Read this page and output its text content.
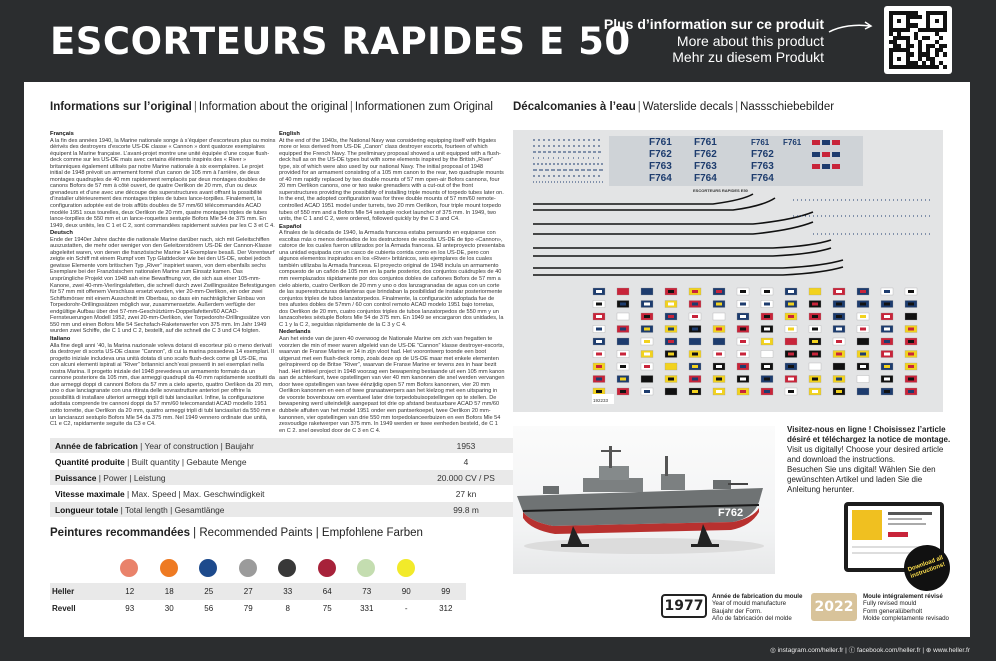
ESCORTEURS RAPIDES E 50
Plus d’information sur ce produit
More about this product
Mehr zu diesem Produkt
Informations sur l’original | Information about the original | Informationen zum Original
Français

A la fin des années 1940, la Marine nationale songe à s’équiper d’escorteurs plus ou moins dérivés des destroyers d’escorte US-DE classe « Cannon » dont quatorze exemplaires équipent la Marine française. L’avant-projet montre une unité équipée d’une coque flush-deck comme sur les US-DE mais avec certains éléments inspirés des « River » britanniques également utilisés par notre Marine nationale à six exemplaires. Le projet initial de 1948 prévoit un armement formé d’un canon de 105 mm à l’arrière, de deux montages quadruples de 40 mm rapidement remplacés par deux montages doubles de canons Bofors de 57 mm à côté ouvert, de quatre Oerlikon de 20 mm, d’un ou deux grenadeurs et d’une avec une découpe des superstructures avant offrant la possibilité d’installer ultérieurement des montages triples de tubes lance-torpilles. Finalement, la configuration adoptée est de trois affûts doubles de 57 mm/60 télécommandés ACAD modèle 1951 sous tourelles, deux Oerlikon de 20 mm, quatre montages triples de tubes lance-torpilles de 550 mm et un lance-roquettes sextuple Bofors Mle 54 de 375 mm. En 1949, deux unités, les C 1 et C 2, sont commandées rapidement suivies par les C 3 et C 4.

Deutsch

Ende der 1940er Jahre dachte die nationale Marine darüber nach, sich mit Geleitschiffen auszustatten, die mehr oder weniger von den Geleitzerstörern US-DE der Cannon-Klasse abgeleitet waren, von denen die französische Marine 14 Exemplare besaß. Der Vorentwurf zeigte ein Schiff mit einem Rumpf vom Typ Glattdecker wie bei den US-DE, wobei jedoch gewisse Elemente vom britischen Typ „River“ inspiriert waren, von dem ebenfalls sechs Exemplare bei der Französischen nationalen Marine zum Einsatz kamen. Das ursprüngliche Projekt von 1948 sah eine Bewaffnung vor, die sich aus einer 105-mm-Kanone, zwei 40-mm-Vierlingslafetten, die schnell durch zwei Zwillingssätze Befestigungen für 57 mm mit offenem Verschluss ersetzt wurden, vier 20-mm-Oerlikon, ein oder zwei Schiffsmörser mit einem Ausschnitt im Oberbau, so dass ein nachträglicher Einbau von Torpedorohr-Drillingssätzen möglich war, zusammensetzte. Außerdem verfügte der endgültige Aufbau über drei 57-mm-Geschütztürm-Doppellafetten/60 ACAD-Fernsteuerungen Modell 1952, zwei 20-mm-Oerlikon, vier Torpedorohr-Drillingssätze von 550 mm und einen Bofors Mle 54 Sechsfach-Raketenwerfer von 375 mm. Im Jahr 1949 wurden zwei Schiffe, die C 1 und C 2, bestellt, auf die schnell die C 3 und C4 folgten.

Italiano

Alla fine degli anni ’40, la Marina nazionale voleva dotarsi di escorteur più o meno derivati da destroyer di scorta US-DE classe “Cannon”, di cui la marina possedeva 14 esemplari. Il progetto iniziale includeva una unità dotata di uno scafo flush-deck come gli US-DE, ma con alcuni elementi ispirati ai “River” britannici anch’essi presenti in sei esemplari nella nostra Marina. Il progetto iniziale del 1948 prevedeva un armamento formato da un cannone posteriore da 105 mm, due armeggi quadrupli da 40 mm rapidamente sostituiti da due armeggi doppi di cannoni Bofors da 57 mm a cielo aperto, quattro Oerlikon da 20 mm, uno o due lanciagranate con una ritirata delle sovrastrutture anteriori per offrire la possibilità di installare ulteriori armeggi tripli di tubi lanciasiluri. Infine, la configurazione adottata comprende tre cannoni doppi da 57 mm/60 telecomandati ACAD modello 1951 sotto torrette, due Oerlikon da 20 mm, quattro armeggi tripli di tubi lanciasiluri da 550 mm e un lanciarazzi sestuplo Bofors Mle 54 da 375 mm. Nel 1949 vennero ordinate due unità, C1 e C2, rapidamente seguite da C3 e C4.

English

At the end of the 1940s, the National Navy was considering equipping itself with frigates more or less derived from US-DE „Canon“ class destroyer escorts, fourteen of which equipped the French Navy. The preliminary proposal showed a unit equipped with a flush-deck hull as on the US-DE types but with some elements inspired by the British „River“ type, six of which were also used by our national Navy. The initial proposal of 1948 provided for an armament consisting of a 105 mm canon to the rear, two quadruple mounts of 40 mm rapidly replaced by two double mounts of 57 mm open-air Bofors cannons, four 20 mm Oerlikon canons, one or two wake grenadiers with a cut-out of the front superstructures providing the possibility of installing triple mounts of torpedo tubes later on. In the end, the adopted configuration was for three double mounts of 57 mm/60 remote-controlled ACAD 1951 model under turrets, two 20 mm Oerlikon, four triple mount torpedo tubes of 550 mm and a Bofors Mle 54 sextuple rocket launcher of 375 mm. In 1949, two units, the C 1 and C 2, were ordered, followed quickly by the C 3 and C4.

Español

A finales de la década de 1940, la Armada francesa estaba pensando en equiparse con escoltas más o menos derivados de los destructores de escolta US-DE de tipo «Cannon», catorce de los cuales fueron utilizados por la Armada francesa. El anteproyecto presentaba una unidad equipada con un casco de cubierta corrida como en los US-DE, pero con algunos elementos inspirados en los «River» británicos, seis ejemplares de los cuales también utilizaba la Armada francesa. El proyecto original de 1948 incluía un armamento compuesto de un cañón de 105 mm en la parte posterior, dos conjuntos cuádruples de 40 mm reemplazados rápidamente por dos conjuntos dobles de cañones Bofors de 57 mm a cielo abierto, cuatro Oerlikon de 20 mm y uno o dos lanzagranadas de agua con un corte de las superestructuras delanteras que brindaban la posibilidad de instalar posteriormente conjuntos triples de tubos lanzatorpedos. Finalmente, la configuración adoptada fue de tres afustes dobles de 57mm / 60 con control remoto ACAD modelo 1951 bajo torretas, dos Oerlikon de 20 mm, cuatro conjuntos triples de tubos lanzatorpedos de 550 mm y un lanzacohetes séxtuple Bofors Mle 54 de 375 mm. En 1949 se encargaron dos unidades, la C 1 y la C 2, seguidas rápidamente de la C 3 y C 4.

Nederlands

Aan het einde van de jaren 40 overwoog de Nationale Marine om zich van fregatten te voorzien die min of meer waren afgeleid van de US-DE “Cannon” klasse destroyer-escorts, waarvan de Franse Marine er 14 in zijn vloot had. Het voorontwerp toonde een boot uitgerust met een flush-deck romp, zoals deze op de US-DE maar met enkele elementen geïnspireerd op de Britse “River”, waarvan de Franse Marine er tevens zes in haar bezit had. Het initieel project in 1948 voorzag een bewapening bestaande uit een 105 mm kanon aan de achterkant, twee opstellingen van vier 40 mm kanonnen die snel werden vervangen door twee opstellingen van twee éénzijdig open 57 mm Bofors kanonnen, vier 20 mm Oerlikon kanonnen en een of twee granaatwerpers aan het kielzog met een uitsparing in de voorste bovenbouw om eventueel later drie torpedobuisopstellingen op te stellen. De bewapening werd uiteindelijk aangepast tot drie op afstand bestuurbare ACAD 57 mm/60 dubbele affuiten van het model 1951 onder een pantserkoepel, twee Oerlikon 20 mm-kanonnen, vier opstellingen van drie 550 mm torpedolanceerbuizen en een Bofors Mle 54 zesvoudige raketwerper van 375 mm. In 1949 werden er twee eenheden besteld, de C 1 en C 2, snel gevolgd door de C 3 en C 4.

Année de fabrication | Year of construction | Baujahr	1953
Quantité produite | Built quantity | Gebaute Menge	4
Puissance | Power | Leistung	20.000 CV / PS
Vitesse maximale | Max. Speed | Max. Geschwindigkeit	27 kn
Longueur totale | Total length | Gesamtlänge	99.8 m
Peintures recommandées | Recommended Paints | Empfohlene Farben
Heller	12	18	25	27	33	64	73	90	99
Revell	93	30	56	79	8	75	331	-	312
Décalcomanies à l’eau | Waterslide decals | Nassschiebebilder
F761 F761	F761 F761
F762 F762	F762
F763 F763	F763
F764 F764	F764
ESCORTEURS RAPIDES E50
192233
F762

Visitez-nous en ligne ! Choisissez l’article désiré et téléchargez la notice de montage.

Visit us digitally! Choose your desired article and download the instructions.

Besuchen Sie uns digital! Wählen Sie den gewünschten Artikel und laden Sie die Anleitung herunter.

Download all instructions!
1977
Année de fabrication du moule
Year of mould manufacture
Baujahr der Form.
Año de fabricación del molde
2022
Moule intégralement révisé
Fully revised mould
Form generalüberholt
Molde completamente revisado
◎ instagram.com/heller.fr | ⓕ facebook.com/heller.fr | ⊕ www.heller.fr
